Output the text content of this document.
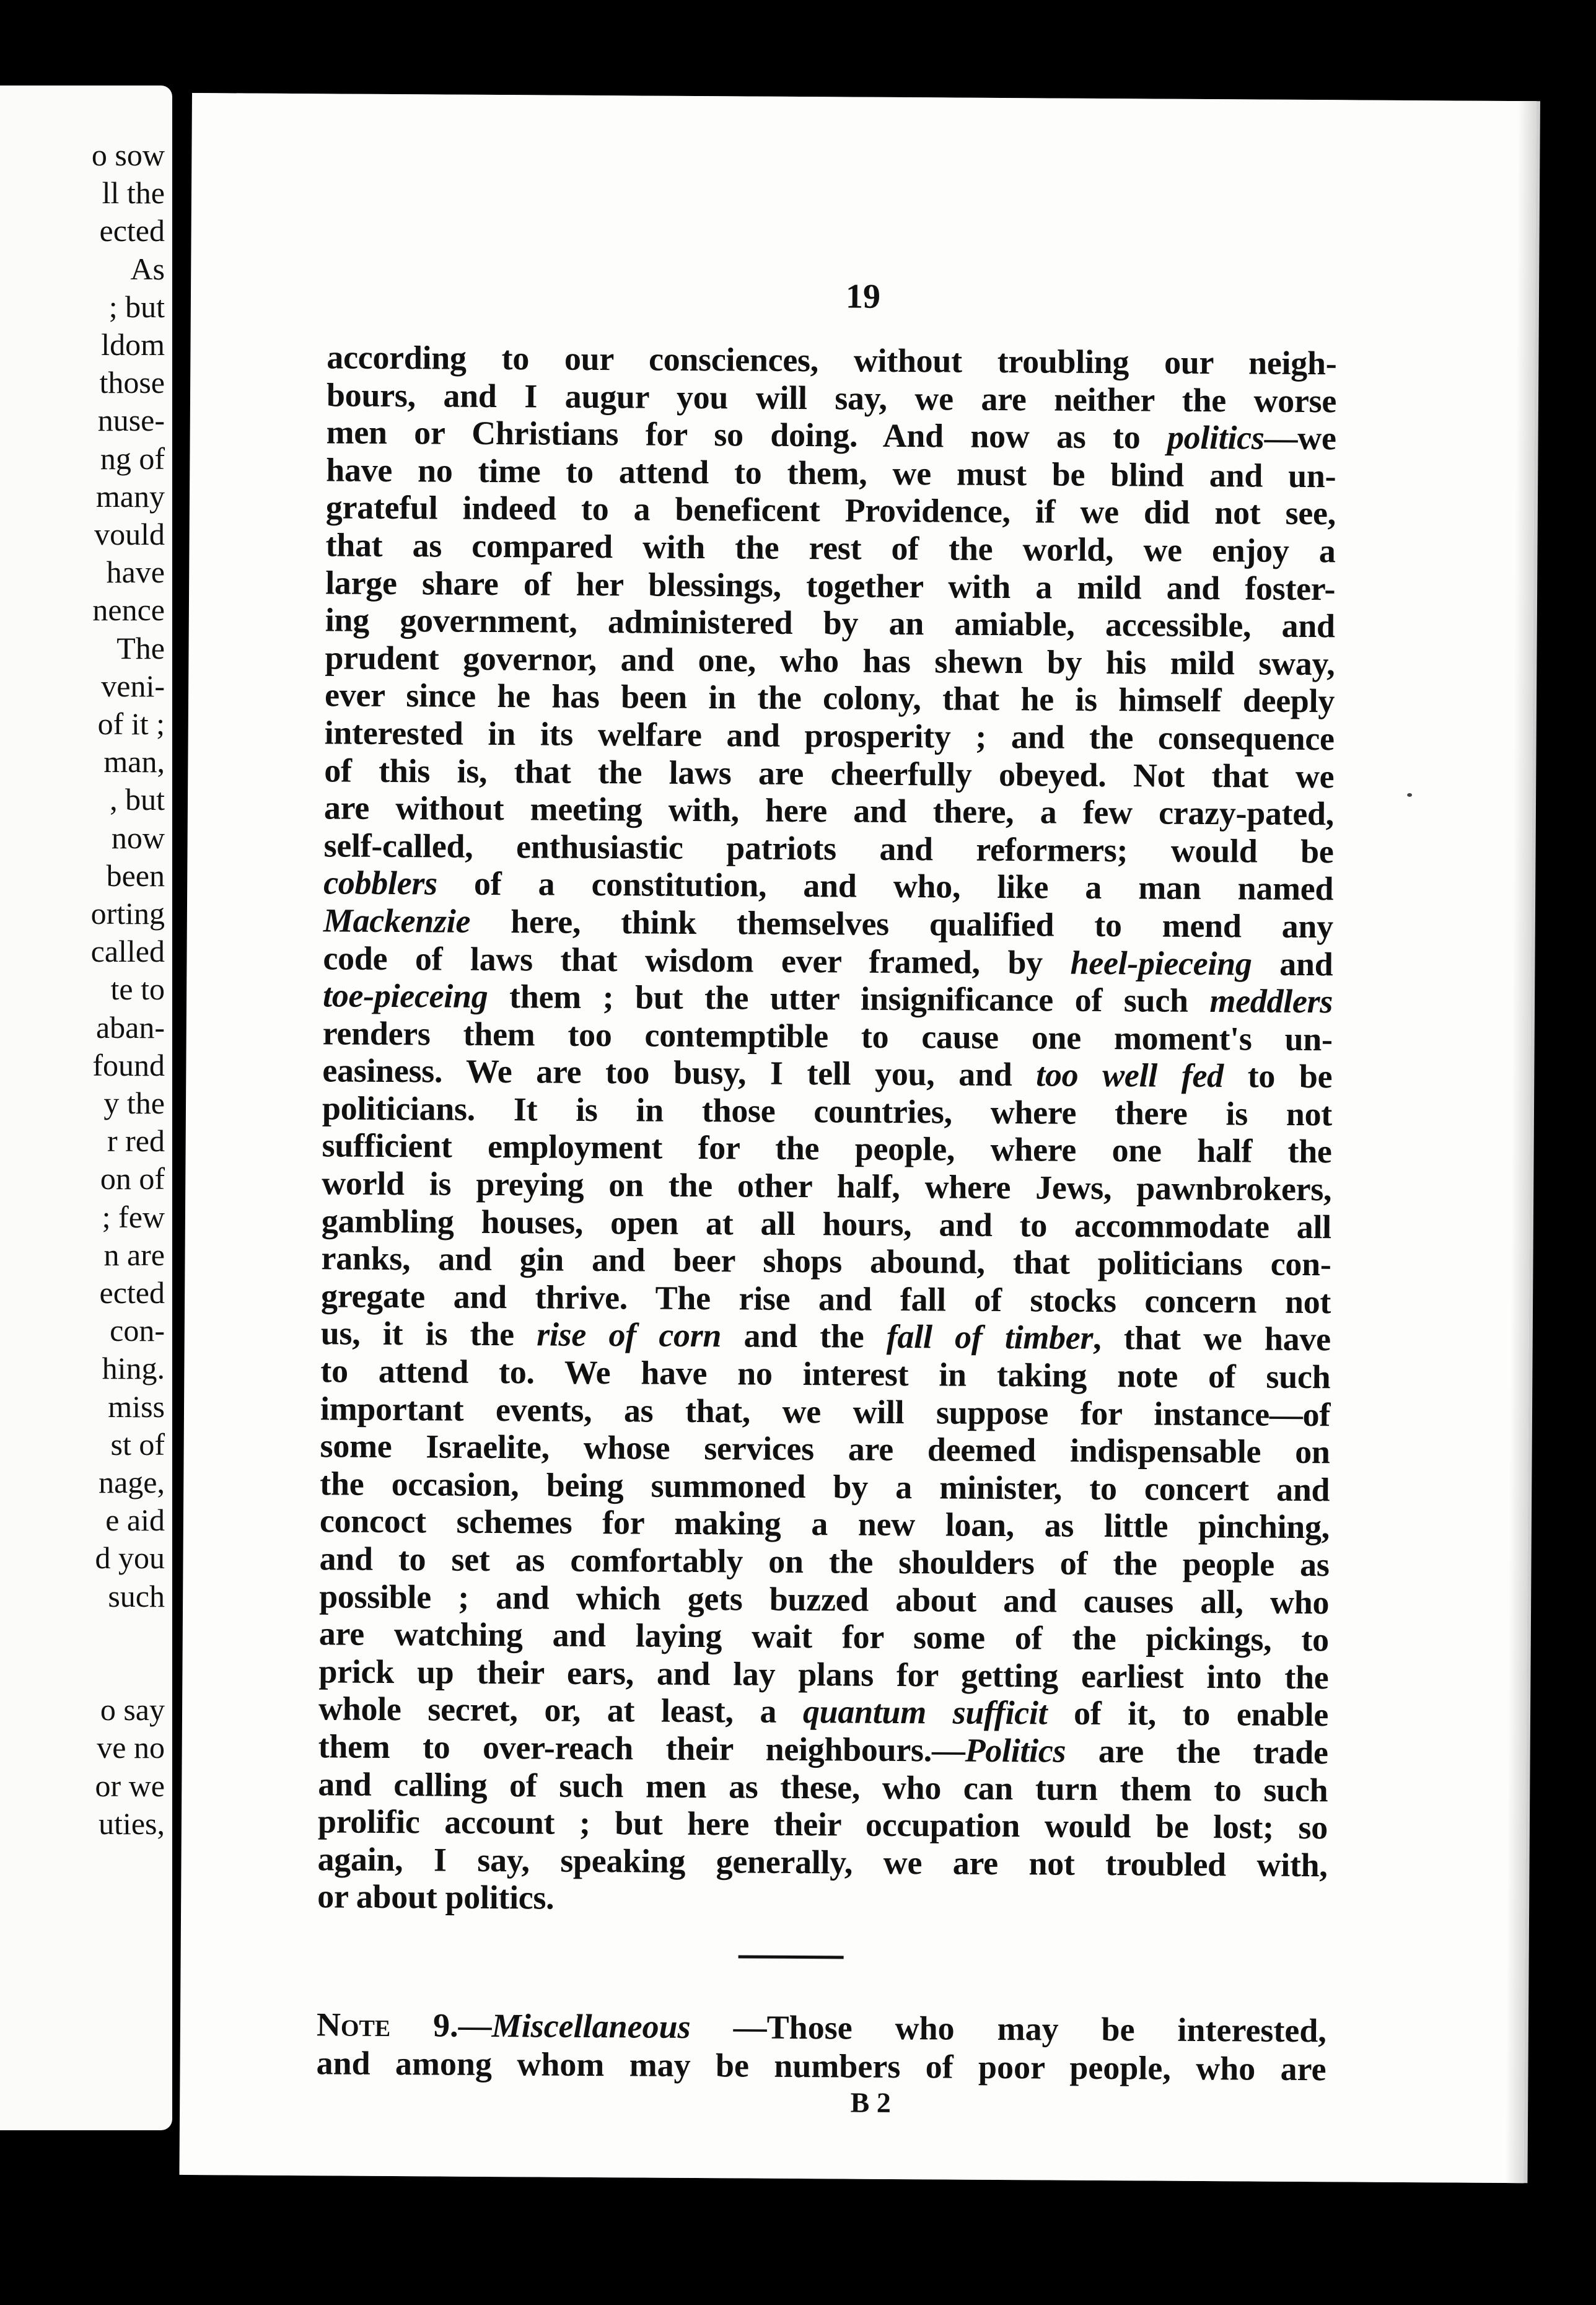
o sow
ll the
ected
As
; but
ldom
those
nuse-
ng of
many
vould
have
nence
The
veni-
of it ;
man,
, but
now
been
orting
called
te to
aban-
found
y the
r red
on of
; few
n are
ected
con-
hing.
miss
st of
nage,
e aid
d you
such
o say
ve no
or we
uties,
19
according to our consciences, without troubling our neigh-
bours, and I augur you will say, we are neither the worse
men or Christians for so doing. And now as to politics—we
have no time to attend to them, we must be blind and un-
grateful indeed to a beneficent Providence, if we did not see,
that as compared with the rest of the world, we enjoy a
large share of her blessings, together with a mild and foster-
ing government, administered by an amiable, accessible, and
prudent governor, and one, who has shewn by his mild sway,
ever since he has been in the colony, that he is himself deeply
interested in its welfare and prosperity ; and the consequence
of this is, that the laws are cheerfully obeyed. Not that we
are without meeting with, here and there, a few crazy-pated,
self-called, enthusiastic patriots and reformers; would be
cobblers of a constitution, and who, like a man named
Mackenzie here, think themselves qualified to mend any
code of laws that wisdom ever framed, by heel-pieceing and
toe-pieceing them ; but the utter insignificance of such meddlers
renders them too contemptible to cause one moment's un-
easiness. We are too busy, I tell you, and too well fed to be
politicians. It is in those countries, where there is not
sufficient employment for the people, where one half the
world is preying on the other half, where Jews, pawnbrokers,
gambling houses, open at all hours, and to accommodate all
ranks, and gin and beer shops abound, that politicians con-
gregate and thrive. The rise and fall of stocks concern not
us, it is the rise of corn and the fall of timber, that we have
to attend to. We have no interest in taking note of such
important events, as that, we will suppose for instance—of
some Israelite, whose services are deemed indispensable on
the occasion, being summoned by a minister, to concert and
concoct schemes for making a new loan, as little pinching,
and to set as comfortably on the shoulders of the people as
possible ; and which gets buzzed about and causes all, who
are watching and laying wait for some of the pickings, to
prick up their ears, and lay plans for getting earliest into the
whole secret, or, at least, a quantum sufficit of it, to enable
them to over-reach their neighbours.—Politics are the trade
and calling of such men as these, who can turn them to such
prolific account ; but here their occupation would be lost; so
again, I say, speaking generally, we are not troubled with,
or about politics.
Note 9.—Miscellaneous —Those who may be interested,
and among whom may be numbers of poor people, who are
B 2
